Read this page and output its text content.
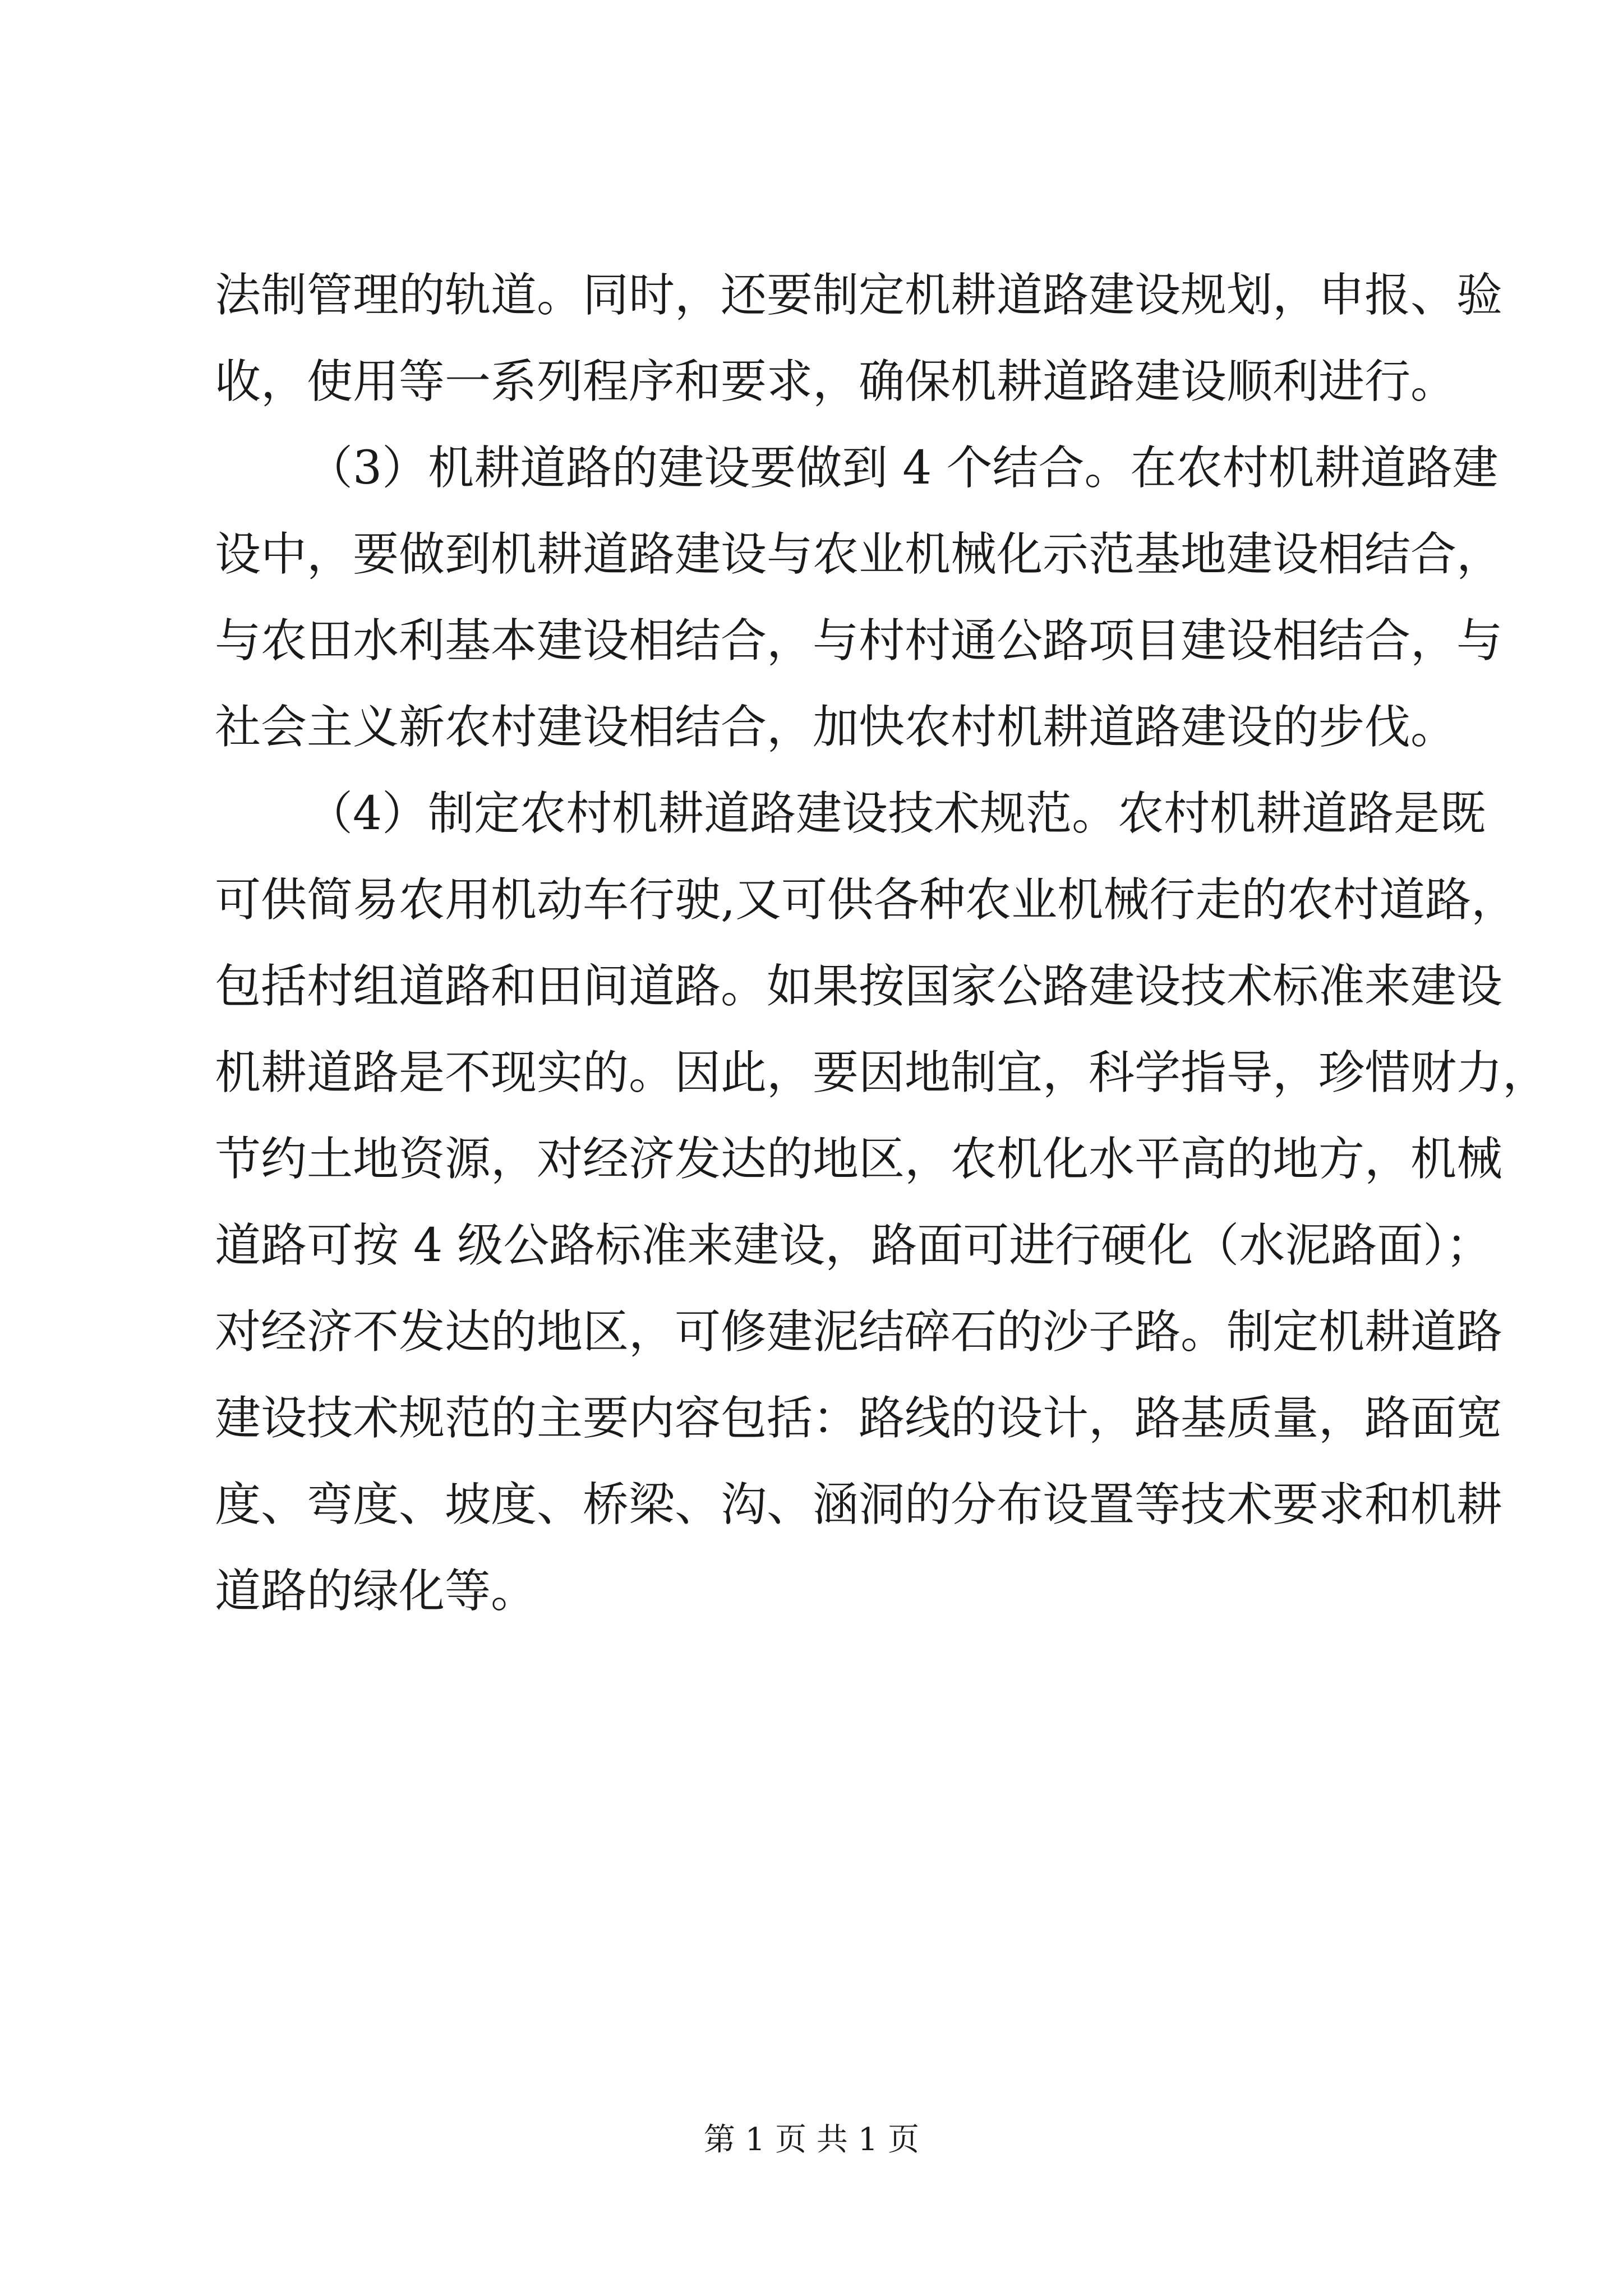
法制管理的轨道。同时，还要制定机耕道路建设规划，申报、验
收，使用等一系列程序和要求，确保机耕道路建设顺利进行。
（3）机耕道路的建设要做到 4 个结合。在农村机耕道路建
设中，要做到机耕道路建设与农业机械化示范基地建设相结合，
与农田水利基本建设相结合，与村村通公路项目建设相结合，与
社会主义新农村建设相结合，加快农村机耕道路建设的步伐。
（4）制定农村机耕道路建设技术规范。农村机耕道路是既
可供简易农用机动车行驶,又可供各种农业机械行走的农村道路，
包括村组道路和田间道路。如果按国家公路建设技术标准来建设
机耕道路是不现实的。因此，要因地制宜，科学指导，珍惜财力，
节约土地资源，对经济发达的地区，农机化水平高的地方，机械
道路可按 4 级公路标准来建设，路面可进行硬化（水泥路面）；
对经济不发达的地区，可修建泥结碎石的沙子路。制定机耕道路
建设技术规范的主要内容包括：路线的设计，路基质量，路面宽
度、弯度、坡度、桥梁、沟、涵洞的分布设置等技术要求和机耕
道路的绿化等。
第 1 页 共 1 页
